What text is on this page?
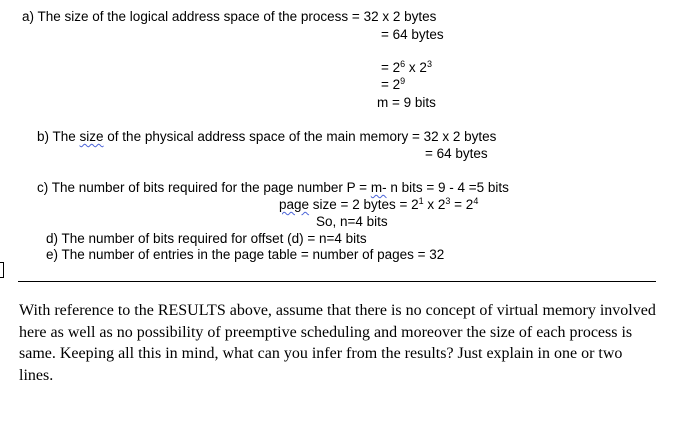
a) The size of the logical address space of the process = 32 x 2 bytes
= 64 bytes
= $2^6$ x $2^3$
= $2^9$
m = 9 bits
b) The size of the physical address space of the main memory = 32 x 2 bytes
= 64 bytes
c) The number of bits required for the page number P = m- n bits = 9 - 4 =5 bits
page size = 2 bytes = $2^1$ x $2^3 = 2^4$
So, n=4 bits
d) The number of bits required for offset (d) = n=4 bits
e) The number of entries in the page table = number of pages = 32
With reference to the RESULTS above, assume that there is no concept of virtual memory involved here as well as no possibility of preemptive scheduling and moreover the size of each process is same. Keeping all this in mind, what can you infer from the results? Just explain in one or two lines.
